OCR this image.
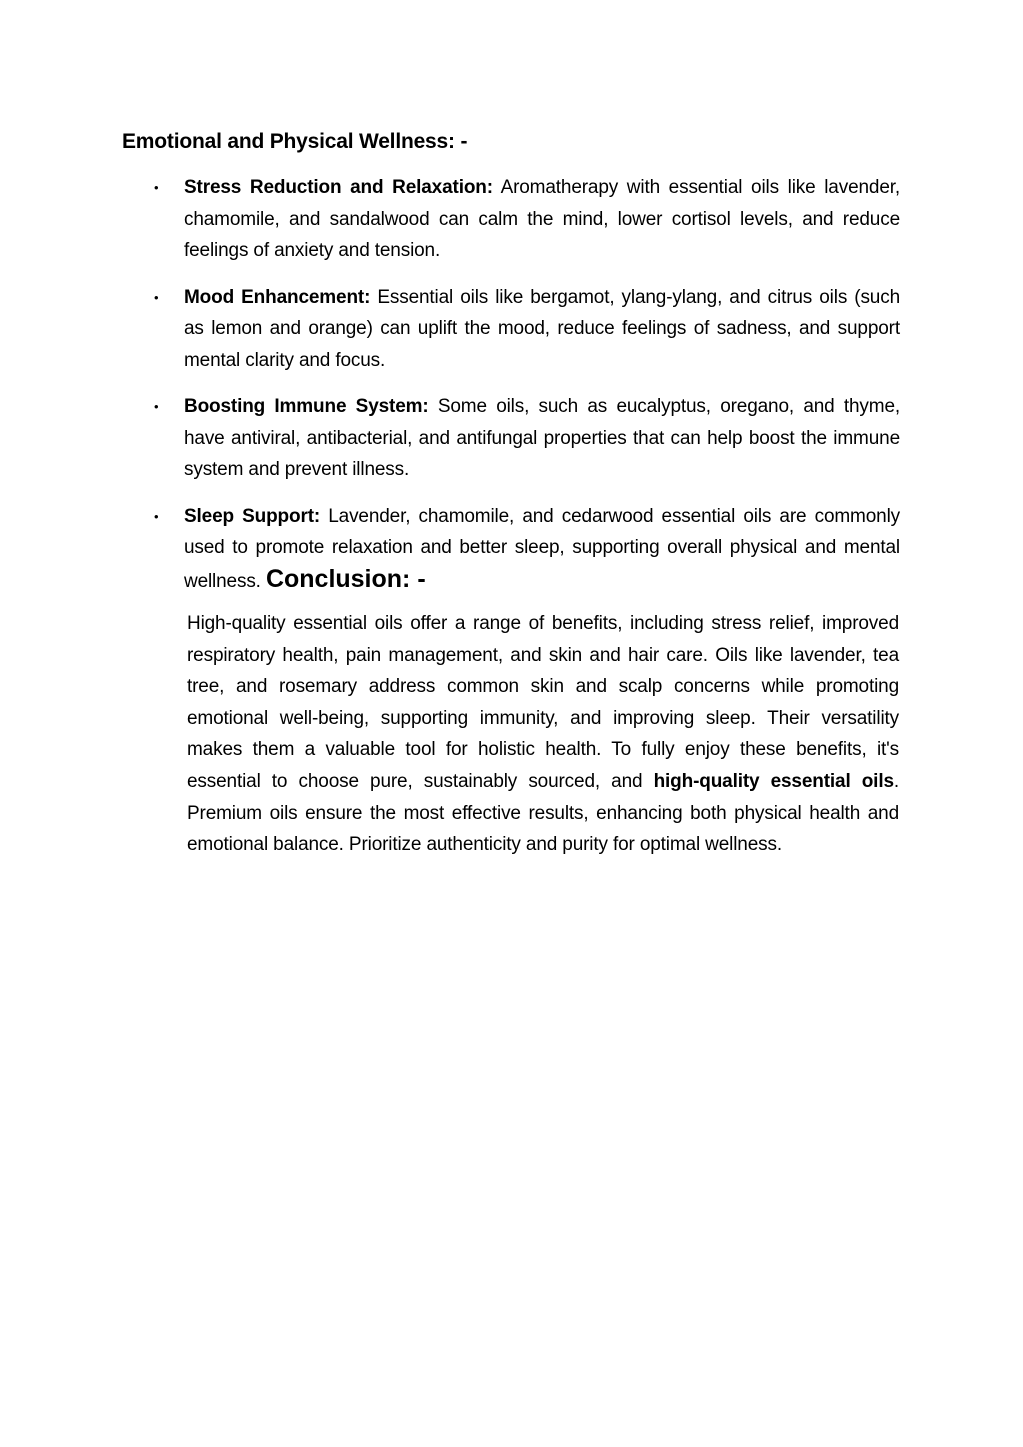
Emotional and Physical Wellness: -
• Stress Reduction and Relaxation: Aromatherapy with essential oils like lavender, chamomile, and sandalwood can calm the mind, lower cortisol levels, and reduce feelings of anxiety and tension.
• Mood Enhancement: Essential oils like bergamot, ylang-ylang, and citrus oils (such as lemon and orange) can uplift the mood, reduce feelings of sadness, and support mental clarity and focus.
• Boosting Immune System: Some oils, such as eucalyptus, oregano, and thyme, have antiviral, antibacterial, and antifungal properties that can help boost the immune system and prevent illness.
• Sleep Support: Lavender, chamomile, and cedarwood essential oils are commonly used to promote relaxation and better sleep, supporting overall physical and mental wellness. Conclusion: -

High-quality essential oils offer a range of benefits, including stress relief, improved respiratory health, pain management, and skin and hair care. Oils like lavender, tea tree, and rosemary address common skin and scalp concerns while promoting emotional well-being, supporting immunity, and improving sleep. Their versatility makes them a valuable tool for holistic health. To fully enjoy these benefits, it's essential to choose pure, sustainably sourced, and high-quality essential oils. Premium oils ensure the most effective results, enhancing both physical health and emotional balance. Prioritize authenticity and purity for optimal wellness.
